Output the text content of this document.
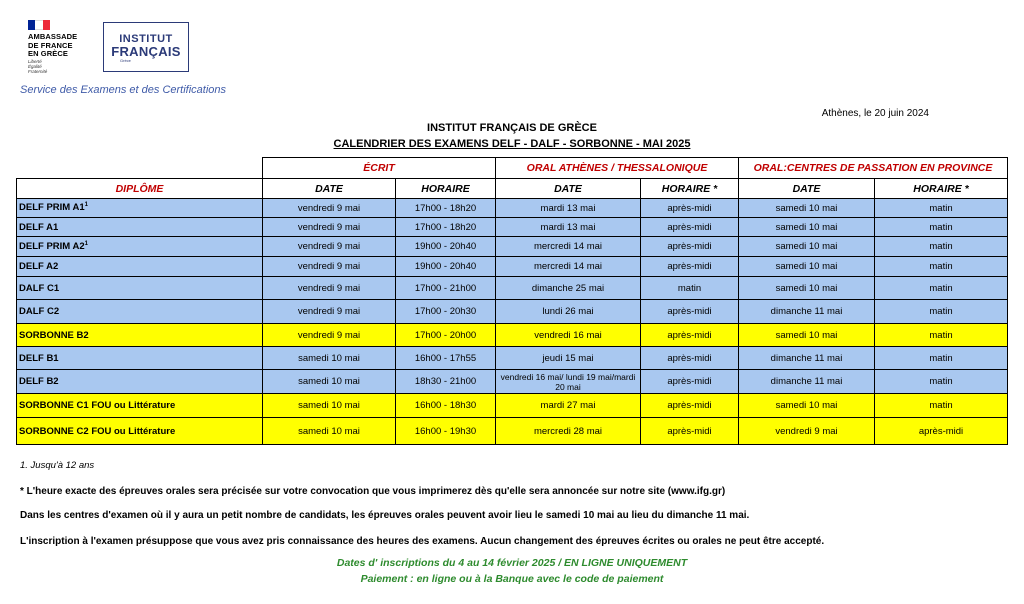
AMBASSADE
DE FRANCE
EN GRÈCE
Liberté
Égalité
Fraternité
INSTITUT
FRANÇAIS
Grèce
Service des Examens et des Certifications
Athènes, le 20 juin 2024
INSTITUT FRANÇAIS DE GRÈCE
CALENDRIER DES EXAMENS DELF - DALF - SORBONNE - MAI 2025
	ÉCRIT		ORAL ATHÈNES / THESSALONIQUE		ORAL:CENTRES DE PASSATION EN PROVINCE	
DIPLÔME	DATE	HORAIRE	DATE	HORAIRE *	DATE	HORAIRE *
DELF PRIM $A1^1$	vendredi 9 mai	17h00 - 18h20	mardi 13 mai	après-midi	samedi 10 mai	matin
DELF A1	vendredi 9 mai	17h00 - 18h20	mardi 13 mai	après-midi	samedi 10 mai	matin
DELF PRIM $A2^1$	vendredi 9 mai	19h00 - 20h40	mercredi 14 mai	après-midi	samedi 10 mai	matin
DELF A2	vendredi 9 mai	19h00 - 20h40	mercredi 14 mai	après-midi	samedi 10 mai	matin
DALF C1	vendredi 9 mai	17h00 - 21h00	dimanche 25 mai	matin	samedi 10 mai	matin
DALF C2	vendredi 9 mai	17h00 - 20h30	lundi 26 mai	après-midi	dimanche 11 mai	matin
SORBONNE B2	vendredi 9 mai	17h00 - 20h00	vendredi 16 mai	après-midi	samedi 10 mai	matin
DELF B1	samedi 10 mai	16h00 - 17h55	jeudi 15 mai	après-midi	dimanche 11 mai	matin
DELF B2	samedi 10 mai	18h30 - 21h00	vendredi 16 mai/ lundi 19 mai/mardi 20 mai	après-midi	dimanche 11 mai	matin
SORBONNE C1 FOU ou Littérature	samedi 10 mai	16h00 - 18h30	mardi 27 mai	après-midi	samedi 10 mai	matin
SORBONNE C2 FOU ou Littérature	samedi 10 mai	16h00 - 19h30	mercredi 28 mai	après-midi	vendredi 9 mai	après-midi
1. Jusqu'à 12 ans
* L'heure exacte des épreuves orales sera précisée sur votre convocation que vous imprimerez dès qu'elle sera annoncée sur notre site (www.ifg.gr)
Dans les centres d'examen où il y aura un petit nombre de candidats, les épreuves orales peuvent avoir lieu le samedi 10 mai au lieu du dimanche 11 mai.
L'inscription à l'examen présuppose que vous avez pris connaissance des heures des examens. Aucun changement des épreuves écrites ou orales ne peut être accepté.
Dates d' inscriptions du 4 au 14 février 2025 / EN LIGNE UNIQUEMENT
Paiement : en ligne ou à la Banque avec le code de paiement
